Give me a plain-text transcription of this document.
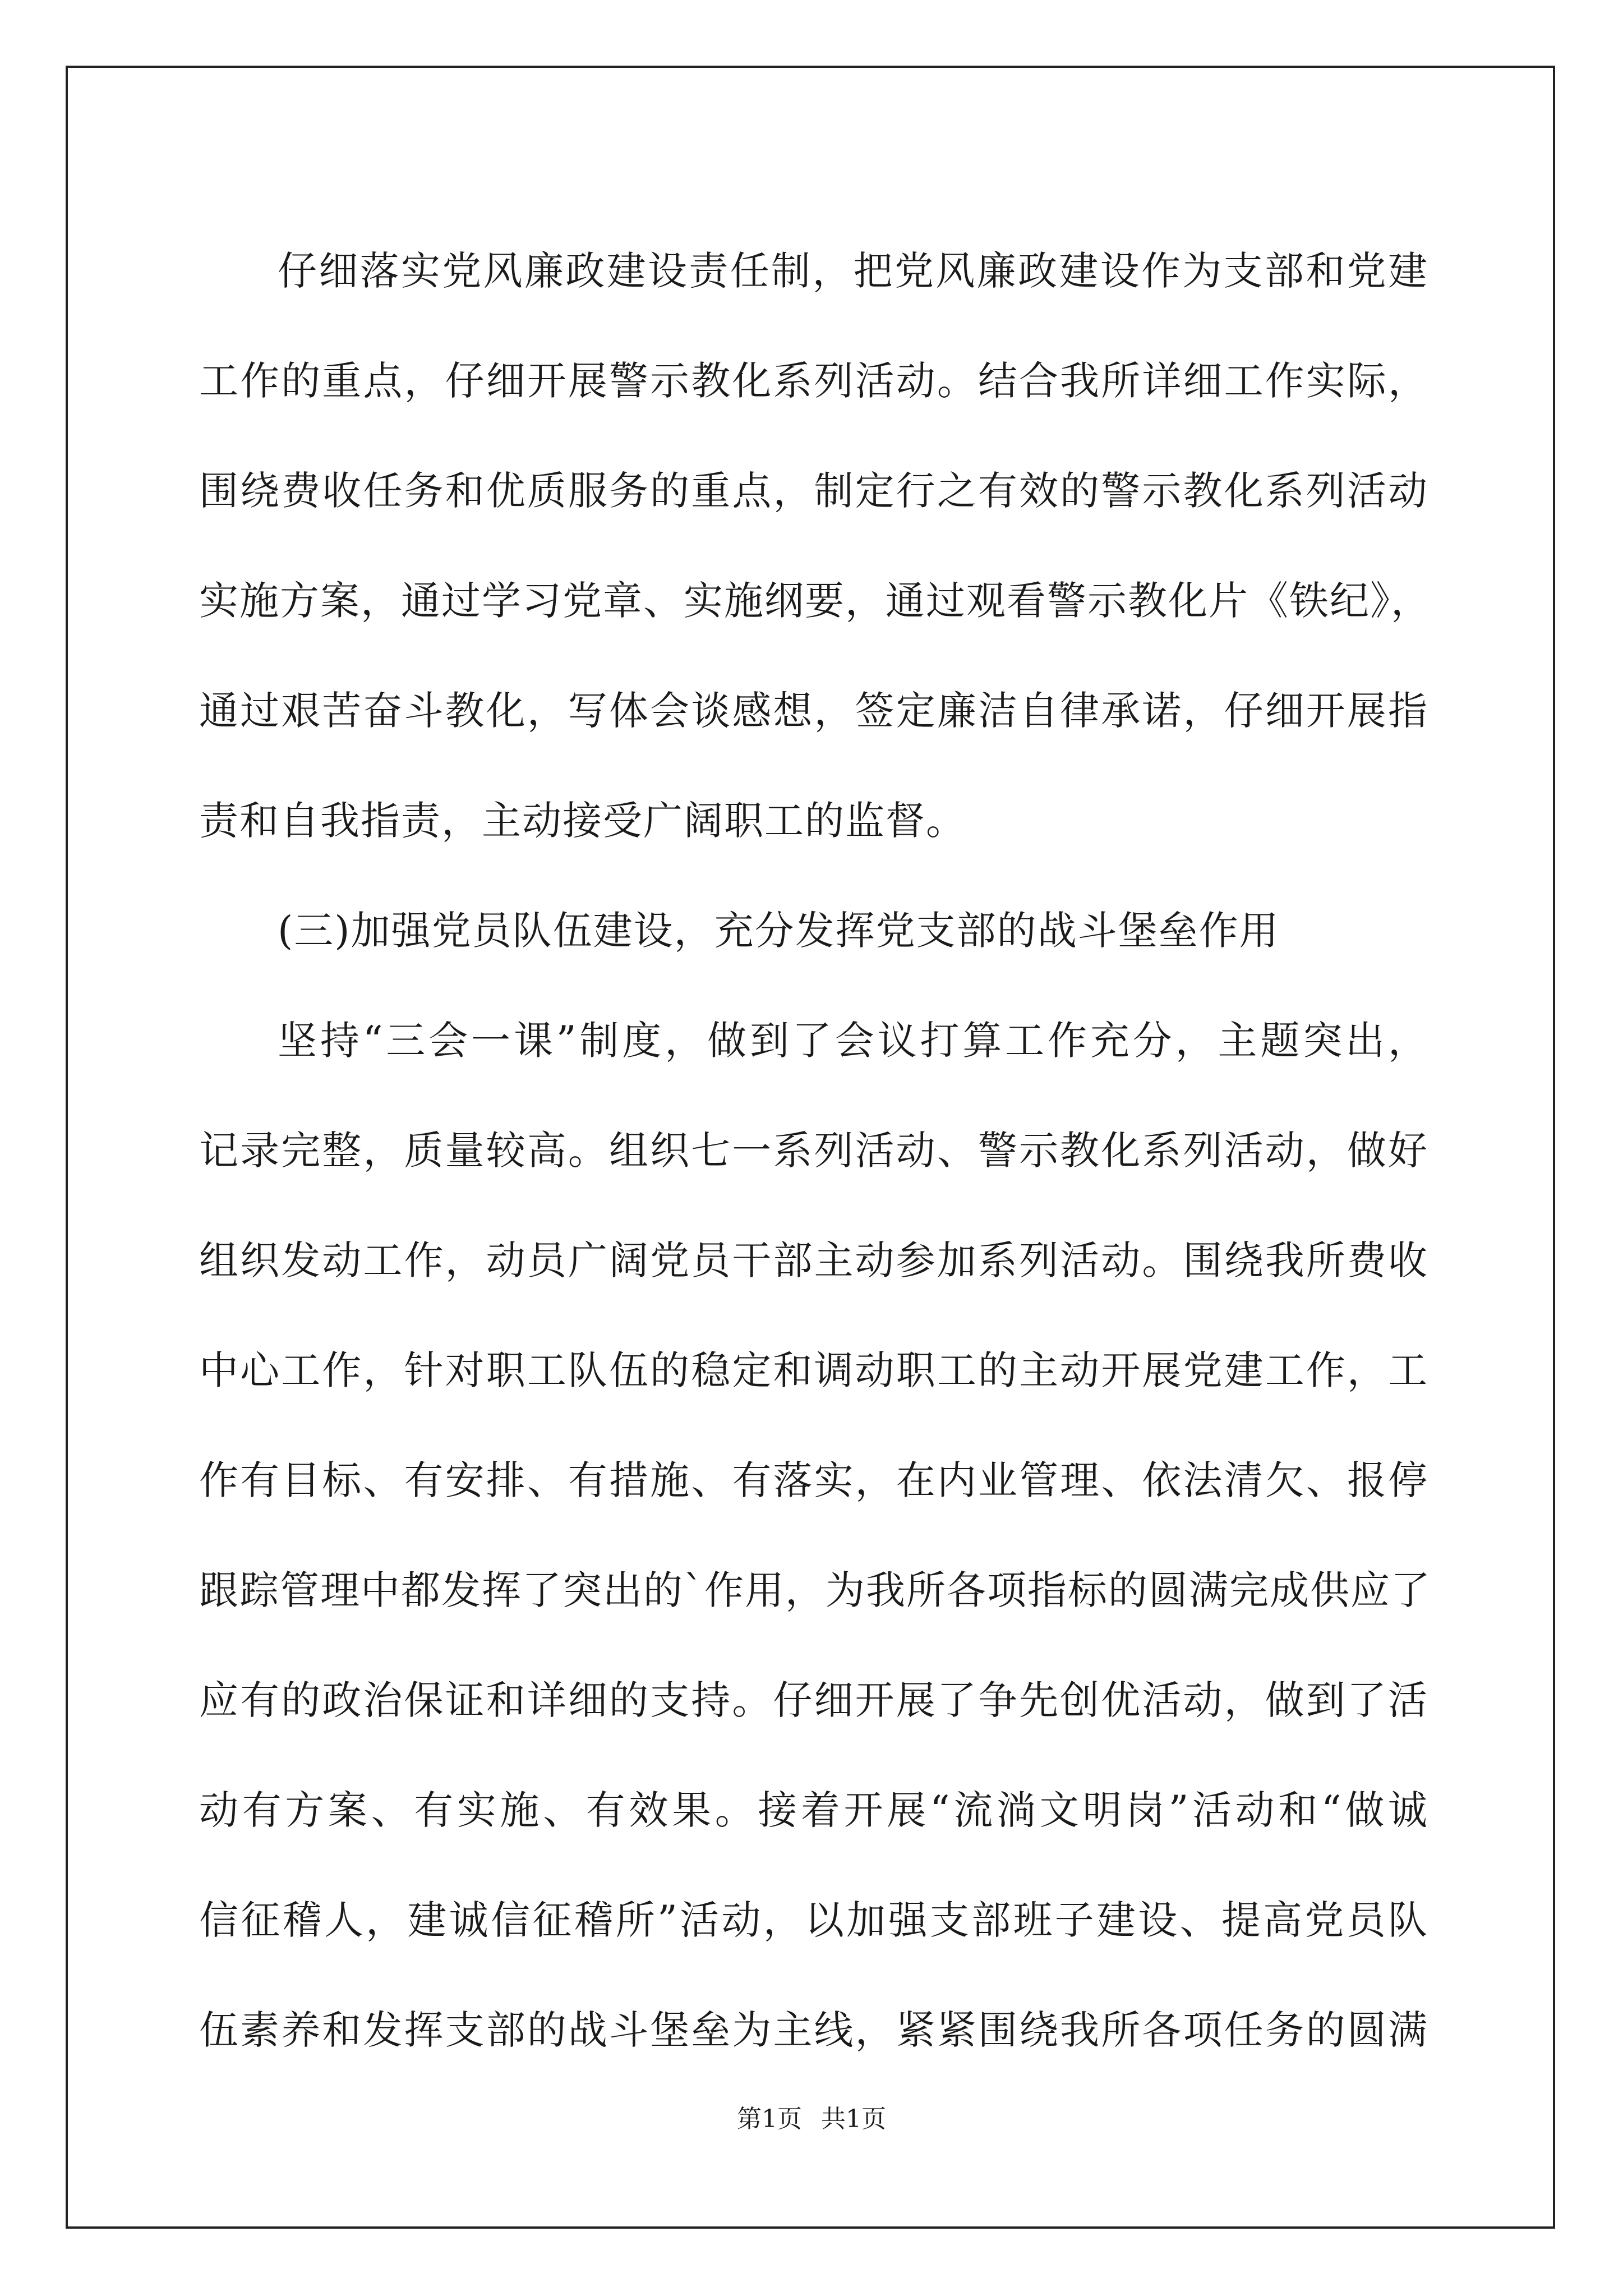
仔细落实党风廉政建设责任制，把党风廉政建设作为支部和党建
工作的重点，仔细开展警示教化系列活动。结合我所详细工作实际，
围绕费收任务和优质服务的重点，制定行之有效的警示教化系列活动
实施方案，通过学习党章、实施纲要，通过观看警示教化片《铁纪》，
通过艰苦奋斗教化，写体会谈感想，签定廉洁自律承诺，仔细开展指
责和自我指责，主动接受广阔职工的监督。
(三)加强党员队伍建设，充分发挥党支部的战斗堡垒作用
坚持“三会一课”制度，做到了会议打算工作充分，主题突出，
记录完整，质量较高。组织七一系列活动、警示教化系列活动，做好
组织发动工作，动员广阔党员干部主动参加系列活动。围绕我所费收
中心工作，针对职工队伍的稳定和调动职工的主动开展党建工作，工
作有目标、有安排、有措施、有落实，在内业管理、依法清欠、报停
跟踪管理中都发挥了突出的`作用，为我所各项指标的圆满完成供应了
应有的政治保证和详细的支持。仔细开展了争先创优活动，做到了活
动有方案、有实施、有效果。接着开展“流淌文明岗”活动和“做诚
信征稽人，建诚信征稽所”活动，以加强支部班子建设、提高党员队
伍素养和发挥支部的战斗堡垒为主线，紧紧围绕我所各项任务的圆满
第1页 共1页
